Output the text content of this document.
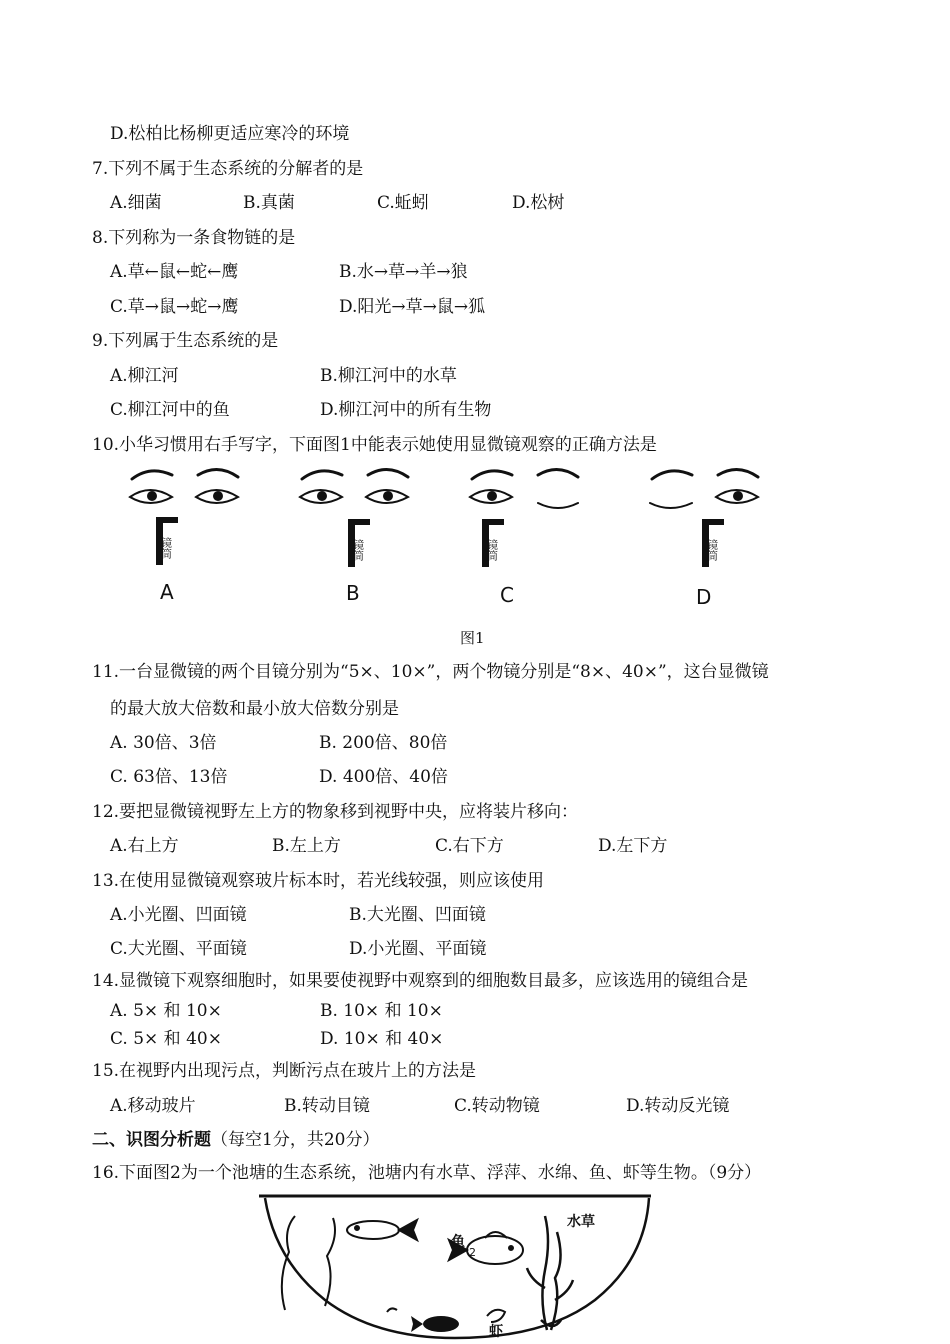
D.松柏比杨柳更适应寒冷的环境
7.下列不属于生态系统的分解者的是
A.细菌	B.真菌	C.蚯蚓	D.松树
8.下列称为一条食物链的是
A.草←鼠←蛇←鹰	B.水→草→羊→狼
C.草→鼠→蛇→鹰	D.阳光→草→鼠→狐
9.下列属于生态系统的是
A.柳江河	B.柳江河中的水草
C.柳江河中的鱼	D.柳江河中的所有生物
10.小华习惯用右手写字，下面图1中能表示她使用显微镜观察的正确方法是
镜筒	镜筒	镜筒	镜筒
A	B	C	D
图1
11.一台显微镜的两个目镜分别为“5×、10×”，两个物镜分别是“8×、40×”，这台显微镜
的最大放大倍数和最小放大倍数分别是
A. 30倍、3倍	B. 200倍、80倍
C. 63倍、13倍	D. 400倍、40倍
12.要把显微镜视野左上方的物象移到视野中央，应将装片移向：
A.右上方	B.左上方	C.右下方	D.左下方
13.在使用显微镜观察玻片标本时，若光线较强，则应该使用
A.小光圈、凹面镜	B.大光圈、凹面镜
C.大光圈、平面镜	D.小光圈、平面镜
14.显微镜下观察细胞时，如果要使视野中观察到的细胞数目最多，应该选用的镜组合是
A. 5× 和 10×	B. 10× 和 10×
C. 5× 和 40×	D. 10× 和 40×
15.在视野内出现污点，判断污点在玻片上的方法是
A.移动玻片	B.转动目镜	C.转动物镜	D.转动反光镜
二、识图分析题（每空1分，共20分）
16.下面图2为一个池塘的生态系统，池塘内有水草、浮萍、水绵、鱼、虾等生物。（9分）
水草
鱼
虾
2
